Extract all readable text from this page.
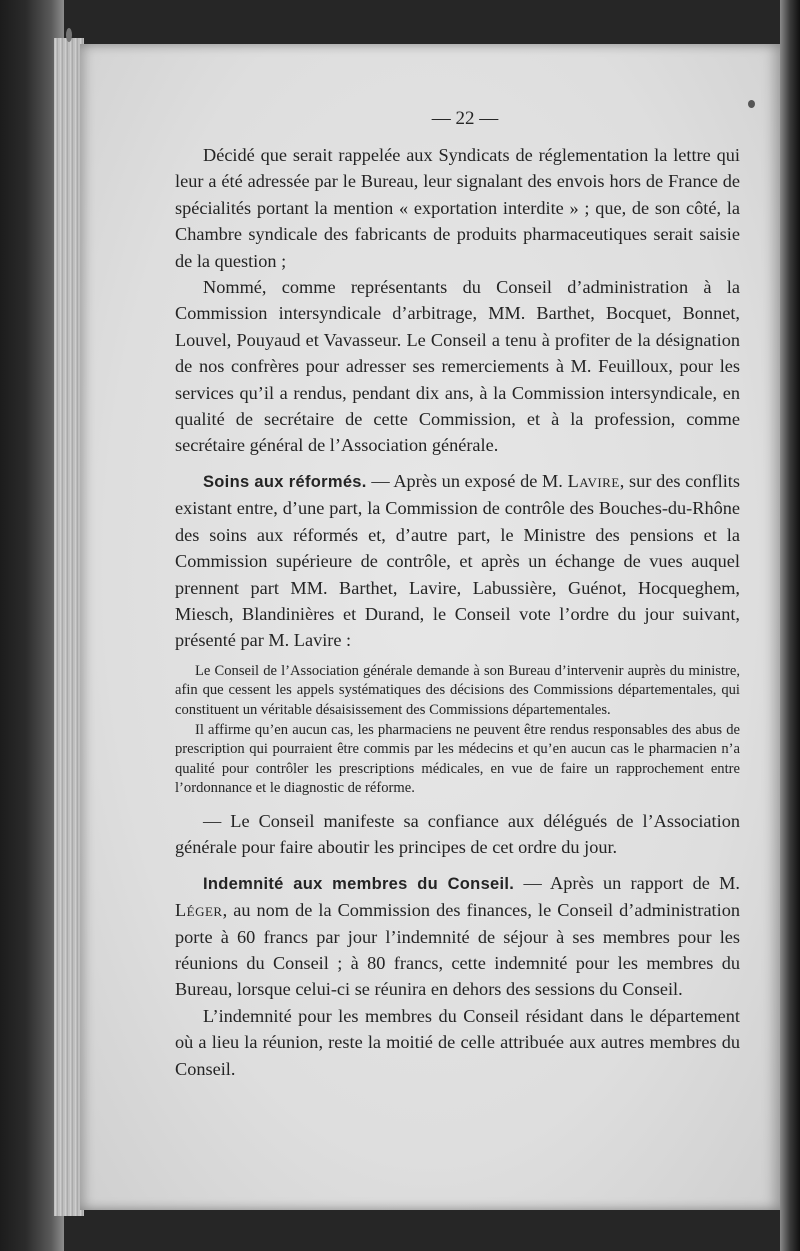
— 22 —

Décidé que serait rappelée aux Syndicats de réglementation la lettre qui leur a été adressée par le Bureau, leur signalant des envois hors de France de spécialités portant la mention « exportation interdite » ; que, de son côté, la Chambre syndicale des fabricants de produits pharmaceutiques serait saisie de la question ;

Nommé, comme représentants du Conseil d’administration à la Commission intersyndicale d’arbitrage, MM. Barthet, Bocquet, Bonnet, Louvel, Pouyaud et Vavasseur. Le Conseil a tenu à profiter de la désignation de nos confrères pour adresser ses remerciements à M. Feuilloux, pour les services qu’il a rendus, pendant dix ans, à la Commission intersyndicale, en qualité de secrétaire de cette Commission, et à la profession, comme secrétaire général de l’Association générale.

Soins aux réformés. — Après un exposé de M. Lavire, sur des conflits existant entre, d’une part, la Commission de contrôle des Bouches-du-Rhône des soins aux réformés et, d’autre part, le Ministre des pensions et la Commission supérieure de contrôle, et après un échange de vues auquel prennent part MM. Barthet, Lavire, Labussière, Guénot, Hocqueghem, Miesch, Blandinières et Durand, le Conseil vote l’ordre du jour suivant, présenté par M. Lavire :

Le Conseil de l’Association générale demande à son Bureau d’intervenir auprès du ministre, afin que cessent les appels systématiques des décisions des Commissions départementales, qui constituent un véritable désaisissement des Commissions départementales.

Il affirme qu’en aucun cas, les pharmaciens ne peuvent être rendus responsables des abus de prescription qui pourraient être commis par les médecins et qu’en aucun cas le pharmacien n’a qualité pour contrôler les prescriptions médicales, en vue de faire un rapprochement entre l’ordonnance et le diagnostic de réforme.

— Le Conseil manifeste sa confiance aux délégués de l’Association générale pour faire aboutir les principes de cet ordre du jour.

Indemnité aux membres du Conseil. — Après un rapport de M. Léger, au nom de la Commission des finances, le Conseil d’administration porte à 60 francs par jour l’indemnité de séjour à ses membres pour les réunions du Conseil ; à 80 francs, cette indemnité pour les membres du Bureau, lorsque celui-ci se réunira en dehors des sessions du Conseil.

L’indemnité pour les membres du Conseil résidant dans le département où a lieu la réunion, reste la moitié de celle attribuée aux autres membres du Conseil.
